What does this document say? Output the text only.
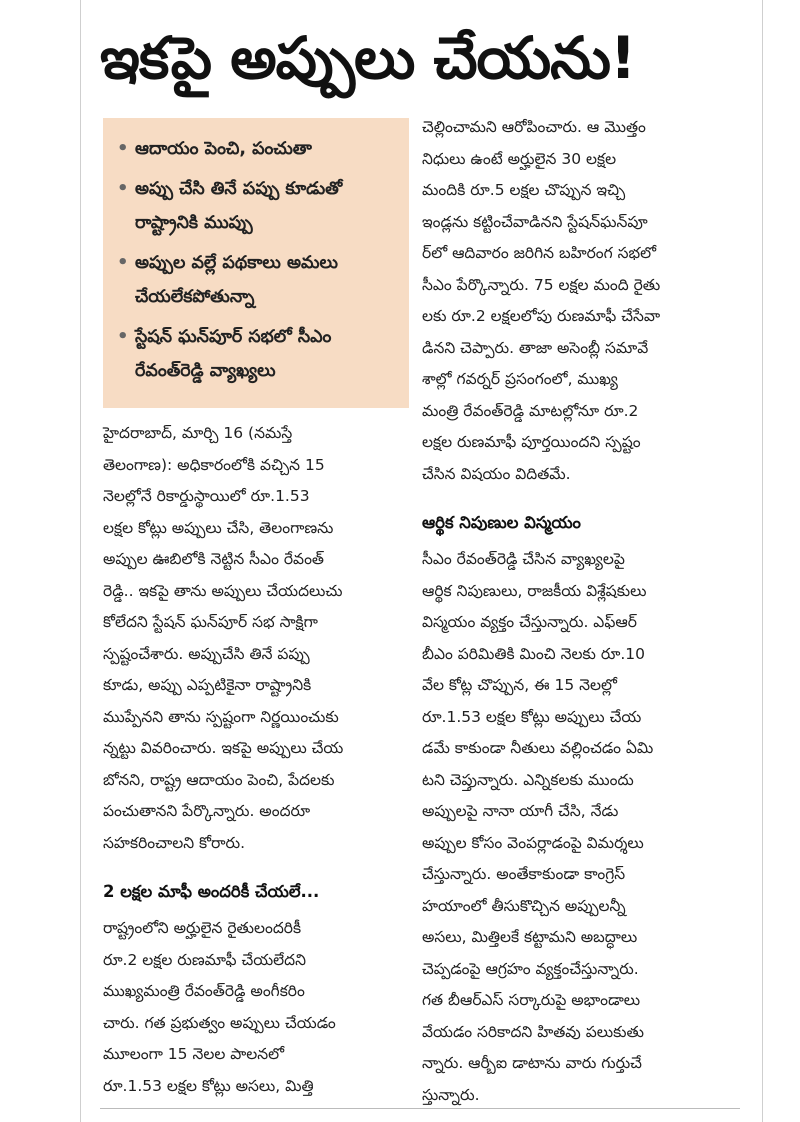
ఇకపై అప్పులు చేయను!
• ఆదాయం పెంచి, పంచుతా
• అప్పు చేసి తినే పప్పు కూడుతో రాష్ట్రానికి ముప్పు
• అప్పుల వల్లే పథకాలు అమలు చేయలేకపోతున్నా
• స్టేషన్ ఘన్‌పూర్ సభలో సీఎం రేవంత్‌రెడ్డి వ్యాఖ్యలు

హైదరాబాద్, మార్చి 16 (నమస్తే
తెలంగాణ): అధికారంలోకి వచ్చిన 15
నెలల్లోనే రికార్డుస్థాయిలో రూ.1.53
లక్షల కోట్లు అప్పులు చేసి, తెలంగాణను
అప్పుల ఊబిలోకి నెట్టిన సీఎం రేవంత్
రెడ్డి.. ఇకపై తాను అప్పులు చేయదలుచు
కోలేదని స్టేషన్ ఘన్‌పూర్ సభ సాక్షిగా
స్పష్టంచేశారు. అప్పుచేసి తినే పప్పు
కూడు, అప్పు ఎప్పటికైనా రాష్ట్రానికి
ముప్పేనని తాను స్పష్టంగా నిర్ణయించుకు
న్నట్టు వివరించారు. ఇకపై అప్పులు చేయ
బోనని, రాష్ట్ర ఆదాయం పెంచి, పేదలకు
పంచుతానని పేర్కొన్నారు. అందరూ
సహకరించాలని కోరారు.

2 లక్షల మాఫీ అందరికీ చేయలే...

రాష్ట్రంలోని అర్హులైన రైతులందరికీ
రూ.2 లక్షల రుణమాఫీ చేయలేదని
ముఖ్యమంత్రి రేవంత్‌రెడ్డి అంగీకరిం
చారు. గత ప్రభుత్వం అప్పులు చేయడం
మూలంగా 15 నెలల పాలనలో
రూ.1.53 లక్షల కోట్లు అసలు, మిత్తి

చెల్లించామని ఆరోపించారు. ఆ మొత్తం
నిధులు ఉంటే అర్హులైన 30 లక్షల
మందికి రూ.5 లక్షల చొప్పున ఇచ్చి
ఇండ్లను కట్టించేవాడినని స్టేషన్‌ఘన్‌పూ
ర్‌లో ఆదివారం జరిగిన బహిరంగ సభలో
సీఎం పేర్కొన్నారు. 75 లక్షల మంది రైతు
లకు రూ.2 లక్షలలోపు రుణమాఫీ చేసేవా
డినని చెప్పారు. తాజా అసెంబ్లీ సమావే
శాల్లో గవర్నర్ ప్రసంగంలో, ముఖ్య
మంత్రి రేవంత్‌రెడ్డి మాటల్లోనూ రూ.2
లక్షల రుణమాఫీ పూర్తయిందని స్పష్టం
చేసిన విషయం విదితమే.

ఆర్థిక నిపుణుల విస్మయం

సీఎం రేవంత్‌రెడ్డి చేసిన వ్యాఖ్యలపై
ఆర్థిక నిపుణులు, రాజకీయ విశ్లేషకులు
విస్మయం వ్యక్తం చేస్తున్నారు. ఎఫ్‌ఆర్
బీఎం పరిమితికి మించి నెలకు రూ.10
వేల కోట్ల చొప్పున, ఈ 15 నెలల్లో
రూ.1.53 లక్షల కోట్లు అప్పులు చేయ
డమే కాకుండా నీతులు వల్లించడం ఏమి
టని చెప్తున్నారు. ఎన్నికలకు ముందు
అప్పులపై నానా యాగీ చేసి, నేడు
అప్పుల కోసం వెంపర్లాడంపై విమర్శలు
చేస్తున్నారు. అంతేకాకుండా కాంగ్రెస్
హయాంలో తీసుకొచ్చిన అప్పులన్నీ
అసలు, మిత్తిలకే కట్టామని అబద్ధాలు
చెప్పడంపై ఆగ్రహం వ్యక్తంచేస్తున్నారు.
గత బీఆర్ఎస్ సర్కారుపై అభాండాలు
వేయడం సరికాదని హితవు పలుకుతు
న్నారు. ఆర్బీఐ డాటాను వారు గుర్తుచే
స్తున్నారు.
